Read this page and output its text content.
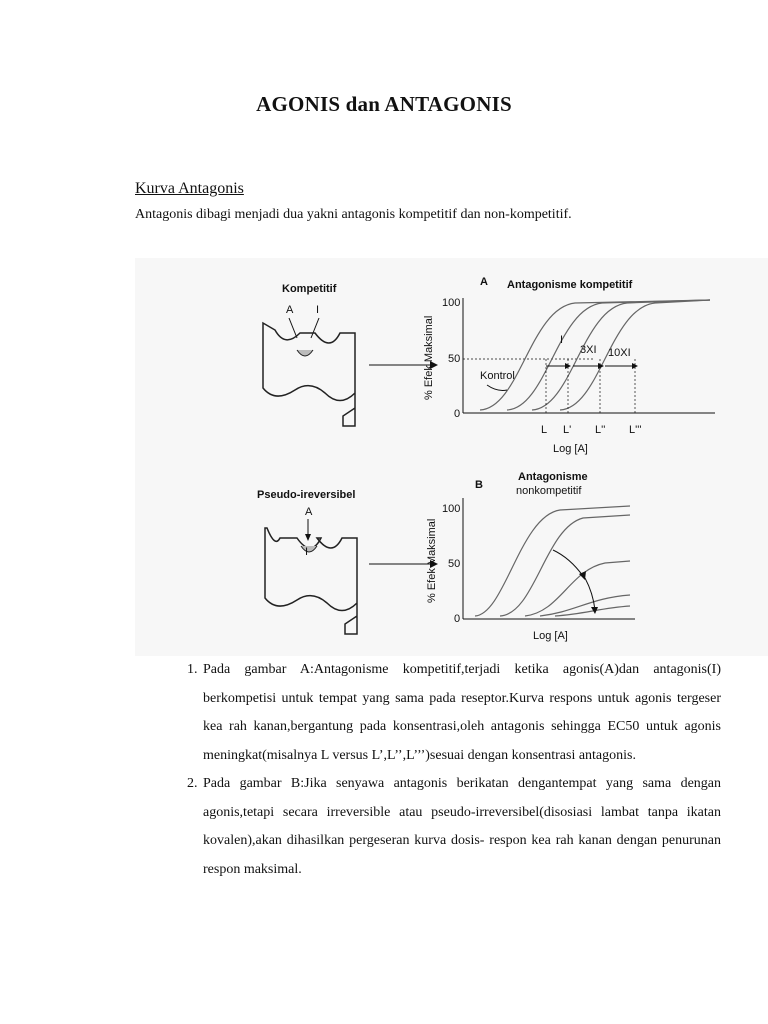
AGONIS dan ANTAGONIS
Kurva Antagonis
Antagonis dibagi menjadi dua yakni antagonis kompetitif dan non-kompetitif.
Kompetitif
A I
A Antagonisme kompetitif
% Efek Maksimal
100
50
0
I
3XI 10XI
Kontrol
L L' L'' L'''
Log [A]
Pseudo-ireversibel
A
I
B
Antagonisme
nonkompetitif
% Efek Maksimal
100
50
0
Log [A]
1. Pada gambar A:Antagonisme kompetitif,terjadi ketika agonis(A)dan antagonis(I) berkompetisi untuk tempat yang sama pada reseptor.Kurva respons untuk agonis tergeser kea rah kanan,bergantung pada konsentrasi,oleh antagonis sehingga EC50 untuk agonis meningkat(misalnya L versus L’,L’’,L’’’)sesuai dengan konsentrasi antagonis.
2. Pada gambar B:Jika senyawa antagonis berikatan dengantempat yang sama dengan agonis,tetapi secara irreversible atau pseudo-irreversibel(disosiasi lambat tanpa ikatan kovalen),akan dihasilkan pergeseran kurva dosis- respon kea rah kanan dengan penurunan respon maksimal.
